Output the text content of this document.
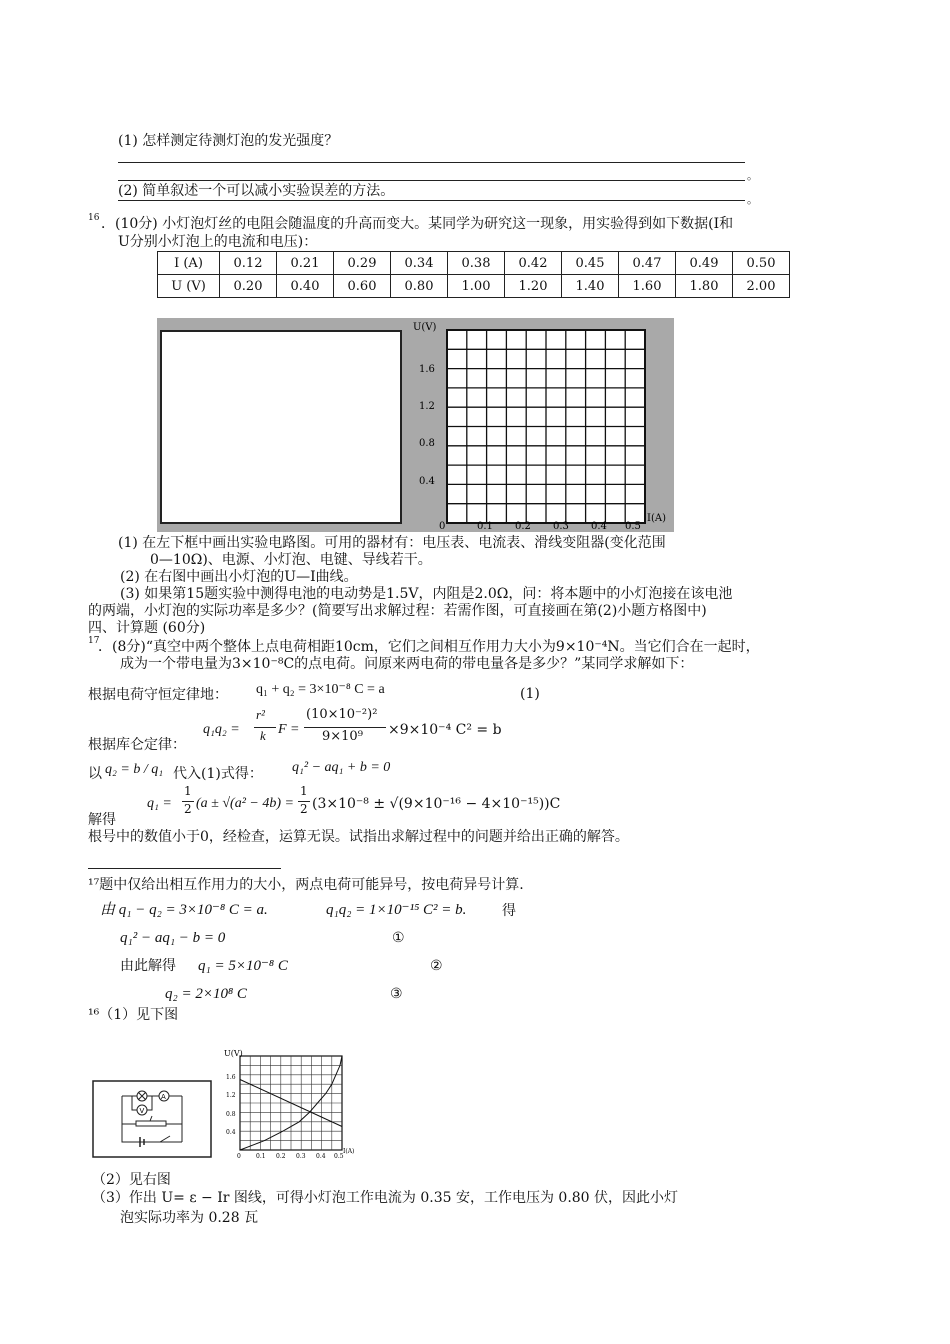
(1) 怎样测定待测灯泡的发光强度？
。
(2) 简单叙述一个可以减小实验误差的方法。
。
16 ．(10分) 小灯泡灯丝的电阻会随温度的升高而变大。某同学为研究这一现象，用实验得到如下数据(I和
U分别小灯泡上的电流和电压)：
I (A)	0.12	0.21	0.29	0.34	0.38	0.42	0.45	0.47	0.49	0.50
U (V)	0.20	0.40	0.60	0.80	1.00	1.20	1.40	1.60	1.80	2.00
U(V)
1.6
1.2
0.8
0.4
0	0.1 0.2 0.3 0.4 0.5
I(A)
(1) 在左下框中画出实验电路图。可用的器材有：电压表、电流表、滑线变阻器(变化范围
0—10Ω)、电源、小灯泡、电键、导线若干。
(2) 在右图中画出小灯泡的U—I曲线。
(3) 如果第15题实验中测得电池的电动势是1.5V，内阻是2.0Ω，问：将本题中的小灯泡接在该电池
的两端，小灯泡的实际功率是多少？(简要写出求解过程：若需作图，可直接画在第(2)小题方格图中)
四、计算题 (60分)
17
．(8分)“真空中两个整体上点电荷相距10cm，它们之间相互作用力大小为9×10⁻⁴N。当它们合在一起时，
成为一个带电量为3×10⁻⁸C的点电荷。问原来两电荷的带电量各是多少？”某同学求解如下：
根据电荷守恒定律地： q₁ + q₂ = 3×10⁻⁸ C = a	(1)
根据库仑定律：
q₁q₂ =
r²
k F =
(10×10⁻²)²
9×10⁹ ×9×10⁻⁴ C² = b
以 q₂ = b / q₁ 代入(1)式得： q₁² − aq₁ + b = 0
q₁ =
1
2 (a ± √(a² − 4b) =
1
2 (3×10⁻⁸ ± √(9×10⁻¹⁶ − 4×10⁻¹⁵))C
解得
根号中的数值小于0，经检查，运算无误。试指出求解过程中的问题并给出正确的解答。
¹⁷题中仅给出相互作用力的大小，两点电荷可能异号，按电荷异号计算.
由 q₁ − q₂ = 3×10⁻⁸ C = a.	q₁q₂ = 1×10⁻¹⁵ C² = b.	得
q₁² − aq₁ − b = 0	①
由此解得 q₁ = 5×10⁻⁸ C	②
q₂ = 2×10⁸ C	③
¹⁶（1）见下图
A
V
U(V)
1.6
1.2
0.8
0.4
0	0.1 0.2 0.3 0.4 0.5
I(A)
（2）见右图
（3）作出 U= ε − Ir 图线，可得小灯泡工作电流为 0.35 安，工作电压为 0.80 伏，因此小灯
泡实际功率为 0.28 瓦
